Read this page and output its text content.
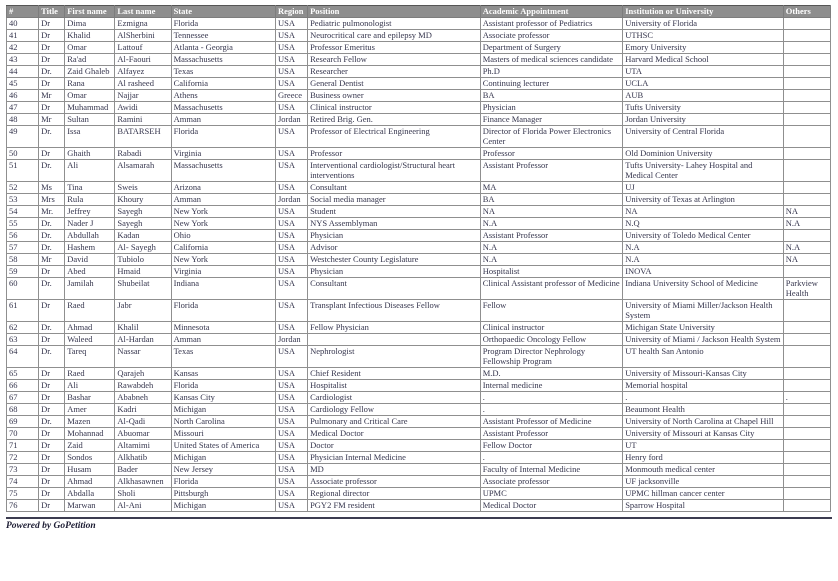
#	Title	First name	Last name	State	Region	Position	Academic Appointment	Institution or University	Others
40	Dr	Dima	Ezmigna	Florida	USA	Pediatric pulmonologist	Assistant professor of Pediatrics	University of Florida	
41	Dr	Khalid	AlSherbini	Tennessee	USA	Neurocritical care and epilepsy MD	Associate professor	UTHSC	
42	Dr	Omar	Lattouf	Atlanta - Georgia	USA	Professor Emeritus	Department of Surgery	Emory University	
43	Dr	Ra'ad	Al-Faouri	Massachusetts	USA	Research Fellow	Masters of medical sciences candidate	Harvard Medical School	
44	Dr.	Zaid Ghaleb	Alfayez	Texas	USA	Researcher	Ph.D	UTA	
45	Dr	Rana	Al rasheed	California	USA	General Dentist	Continuing lecturer	UCLA	
46	Mr	Omar	Najjar	Athens	Greece	Business owner	BA	AUB	
47	Dr	Muhammad	Awidi	Massachusetts	USA	Clinical instructor	Physician	Tufts University	
48	Mr	Sultan	Ramini	Amman	Jordan	Retired Brig. Gen.	Finance Manager	Jordan University	
49	Dr.	Issa	BATARSEH	Florida	USA	Professor of Electrical Engineering	Director of Florida Power Electronics Center	University of Central Florida	
50	Dr	Ghaith	Rabadi	Virginia	USA	Professor	Professor	Old Dominion University	
51	Dr.	Ali	Alsamarah	Massachusetts	USA	Interventional cardiologist/Structural heart interventions	Assistant Professor	Tufts University- Lahey Hospital and Medical Center	
52	Ms	Tina	Sweis	Arizona	USA	Consultant	MA	UJ	
53	Mrs	Rula	Khoury	Amman	Jordan	Social media manager	BA	University of Texas at Arlington	
54	Mr.	Jeffrey	Sayegh	New York	USA	Student	NA	NA	NA
55	Dr.	Nader J	Sayegh	New York	USA	NYS Assemblyman	N.A	N.Q	N.A
56	Dr.	Abdullah	Kadan	Ohio	USA	Physician	Assistant Professor	University of Toledo Medical Center	
57	Dr.	Hashem	Al- Sayegh	California	USA	Advisor	N.A	N.A	N.A
58	Mr	David	Tubiolo	New York	USA	Westchester County Legislature	N.A	N.A	NA
59	Dr	Abed	Hmaid	Virginia	USA	Physician	Hospitalist	INOVA	
60	Dr.	Jamilah	Shubeilat	Indiana	USA	Consultant	Clinical Assistant professor of Medicine	Indiana University School of Medicine	Parkview Health
61	Dr	Raed	Jabr	Florida	USA	Transplant Infectious Diseases Fellow	Fellow	University of Miami Miller/Jackson Health System	
62	Dr.	Ahmad	Khalil	Minnesota	USA	Fellow Physician	Clinical instructor	Michigan State University	
63	Dr	Waleed	Al-Hardan	Amman	Jordan		Orthopaedic Oncology Fellow	University of Miami / Jackson Health System	
64	Dr.	Tareq	Nassar	Texas	USA	Nephrologist	Program Director Nephrology Fellowship Program	UT health San Antonio	
65	Dr	Raed	Qarajeh	Kansas	USA	Chief Resident	M.D.	University of Missouri-Kansas City	
66	Dr	Ali	Rawabdeh	Florida	USA	Hospitalist	Internal medicine	Memorial hospital	
67	Dr	Bashar	Ababneh	Kansas City	USA	Cardiologist	.	.	.
68	Dr	Amer	Kadri	Michigan	USA	Cardiology Fellow	.	Beaumont Health	
69	Dr.	Mazen	Al-Qadi	North Carolina	USA	Pulmonary and Critical Care	Assistant Professor of Medicine	University of North Carolina at Chapel Hill	
70	Dr	Mohannad	Abuomar	Missouri	USA	Medical Doctor	Assistant Professor	University of Missouri at Kansas City	
71	Dr	Zaid	Altamimi	United States of America	USA	Doctor	Fellow Doctor	UT	
72	Dr	Sondos	Alkhatib	Michigan	USA	Physician Internal Medicine	.	Henry ford	
73	Dr	Husam	Bader	New Jersey	USA	MD	Faculty of Internal Medicine	Monmouth medical center	
74	Dr	Ahmad	Alkhasawnen	Florida	USA	Associate professor	Associate professor	UF jacksonville	
75	Dr	Abdalla	Sholi	Pittsburgh	USA	Regional director	UPMC	UPMC hillman cancer center	
76	Dr	Marwan	Al-Ani	Michigan	USA	PGY2 FM resident	Medical Doctor	Sparrow Hospital	

Powered by GoPetition
